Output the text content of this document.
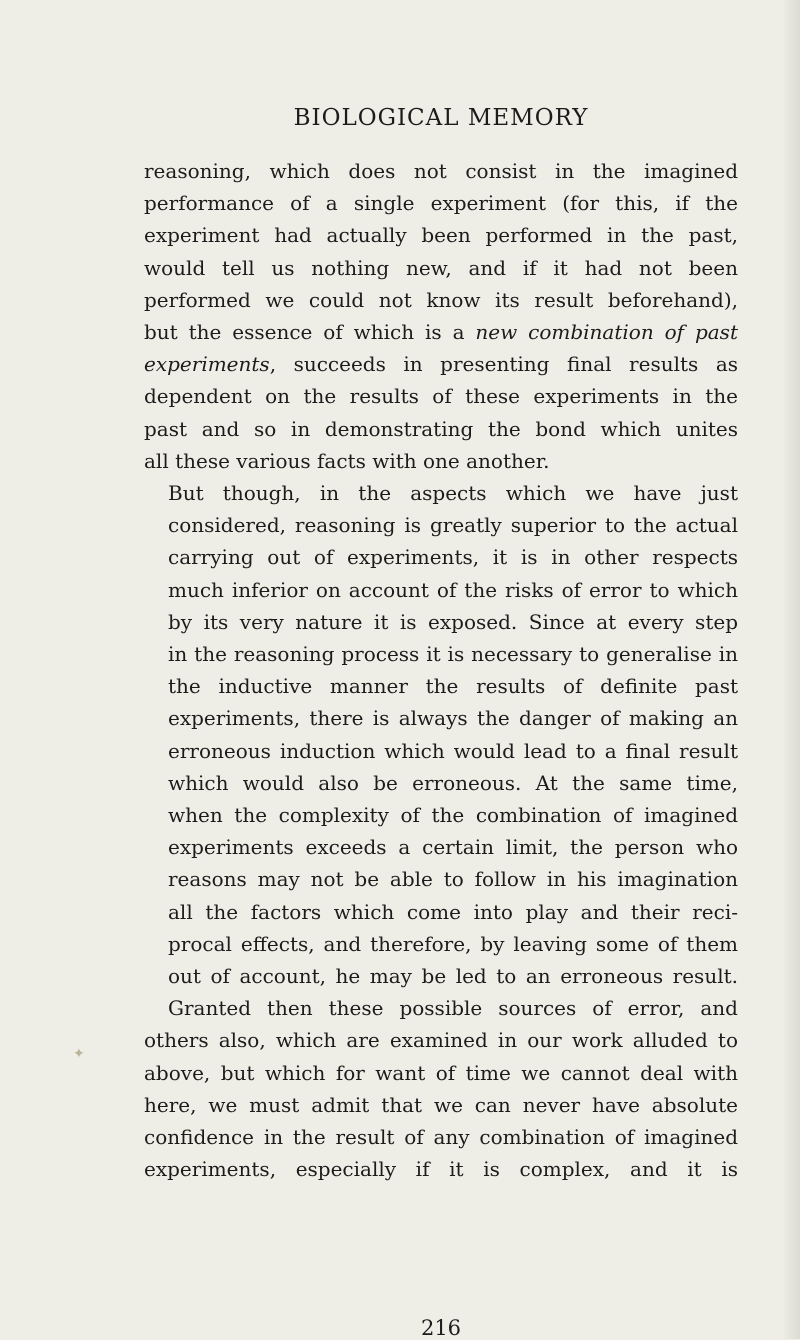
✦
BIOLOGICAL MEMORY

reasoning, which does not consist in the imagined
performance of a single experiment (for this, if the
experiment had actually been performed in the past,
would tell us nothing new, and if it had not been
performed we could not know its result beforehand),
but the essence of which is a new combination of past
experiments, succeeds in presenting final results as
dependent on the results of these experiments in the
past and so in demonstrating the bond which unites
all these various facts with one another.

But though, in the aspects which we have just
considered, reasoning is greatly superior to the actual
carrying out of experiments, it is in other respects
much inferior on account of the risks of error to which
by its very nature it is exposed. Since at every step
in the reasoning process it is necessary to generalise in
the inductive manner the results of definite past
experiments, there is always the danger of making an
erroneous induction which would lead to a final result
which would also be erroneous. At the same time,
when the complexity of the combination of imagined
experiments exceeds a certain limit, the person who
reasons may not be able to follow in his imagination
all the factors which come into play and their reci-
procal effects, and therefore, by leaving some of them
out of account, he may be led to an erroneous result.

Granted then these possible sources of error, and
others also, which are examined in our work alluded to
above, but which for want of time we cannot deal with
here, we must admit that we can never have absolute
confidence in the result of any combination of imagined
experiments, especially if it is complex, and it is

216
